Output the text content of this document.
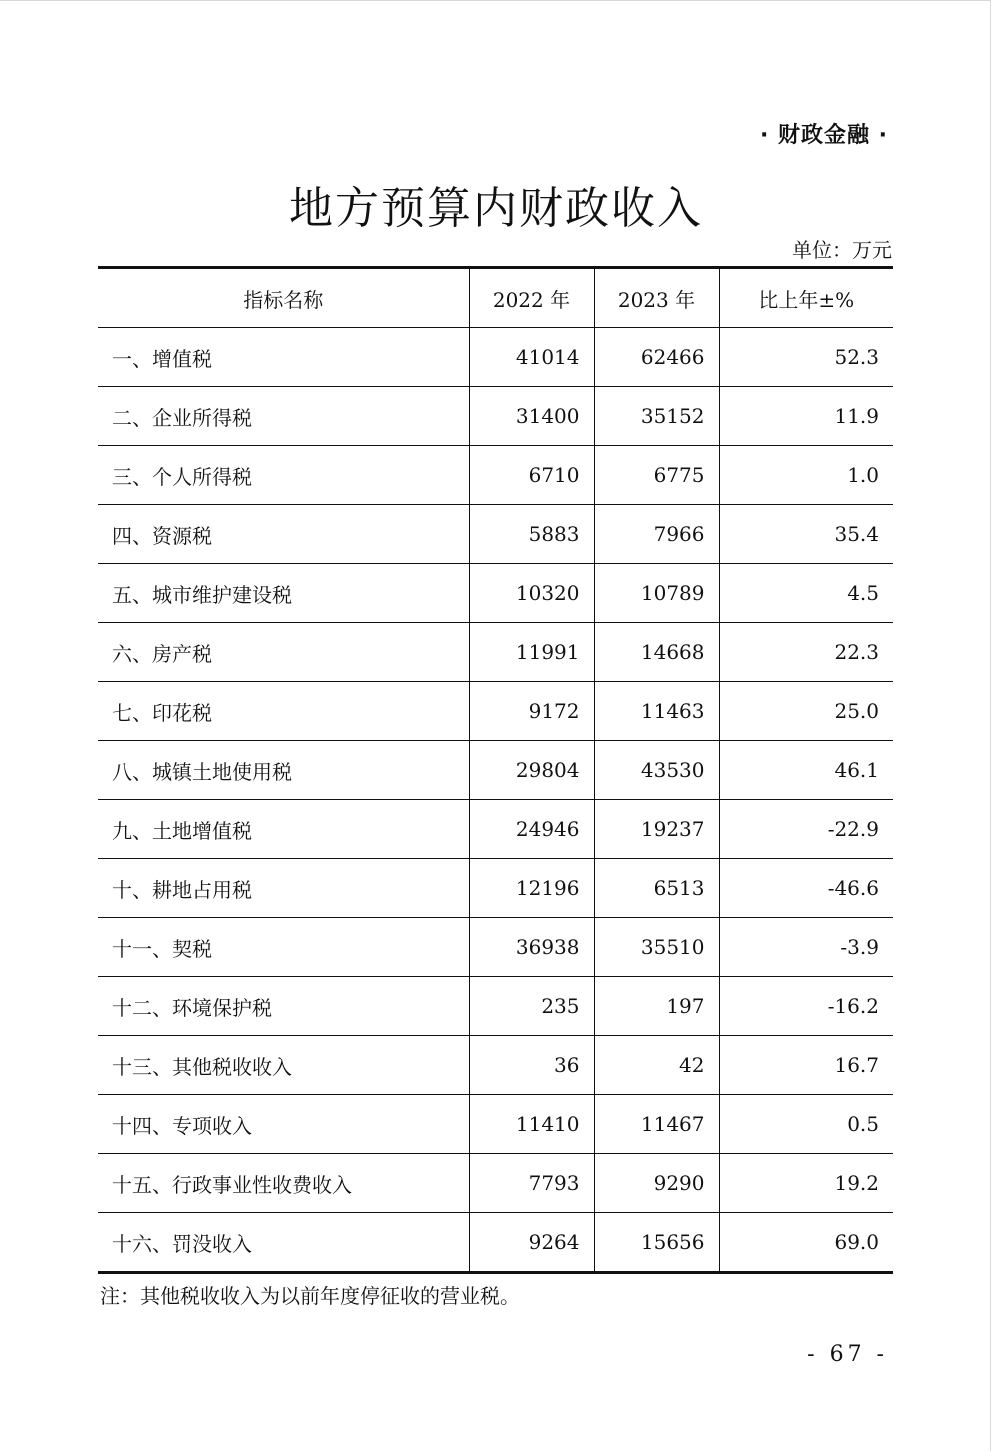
· 财政金融 ·
地方预算内财政收入
单位：万元
指标名称	2022 年	2023 年	比上年±%
一、增值税	41014	62466	52.3
二、企业所得税	31400	35152	11.9
三、个人所得税	6710	6775	1.0
四、资源税	5883	7966	35.4
五、城市维护建设税	10320	10789	4.5
六、房产税	11991	14668	22.3
七、印花税	9172	11463	25.0
八、城镇土地使用税	29804	43530	46.1
九、土地增值税	24946	19237	-22.9
十、耕地占用税	12196	6513	-46.6
十一、契税	36938	35510	-3.9
十二、环境保护税	235	197	-16.2
十三、其他税收收入	36	42	16.7
十四、专项收入	11410	11467	0.5
十五、行政事业性收费收入	7793	9290	19.2
十六、罚没收入	9264	15656	69.0
注：其他税收收入为以前年度停征收的营业税。
- 67 -
